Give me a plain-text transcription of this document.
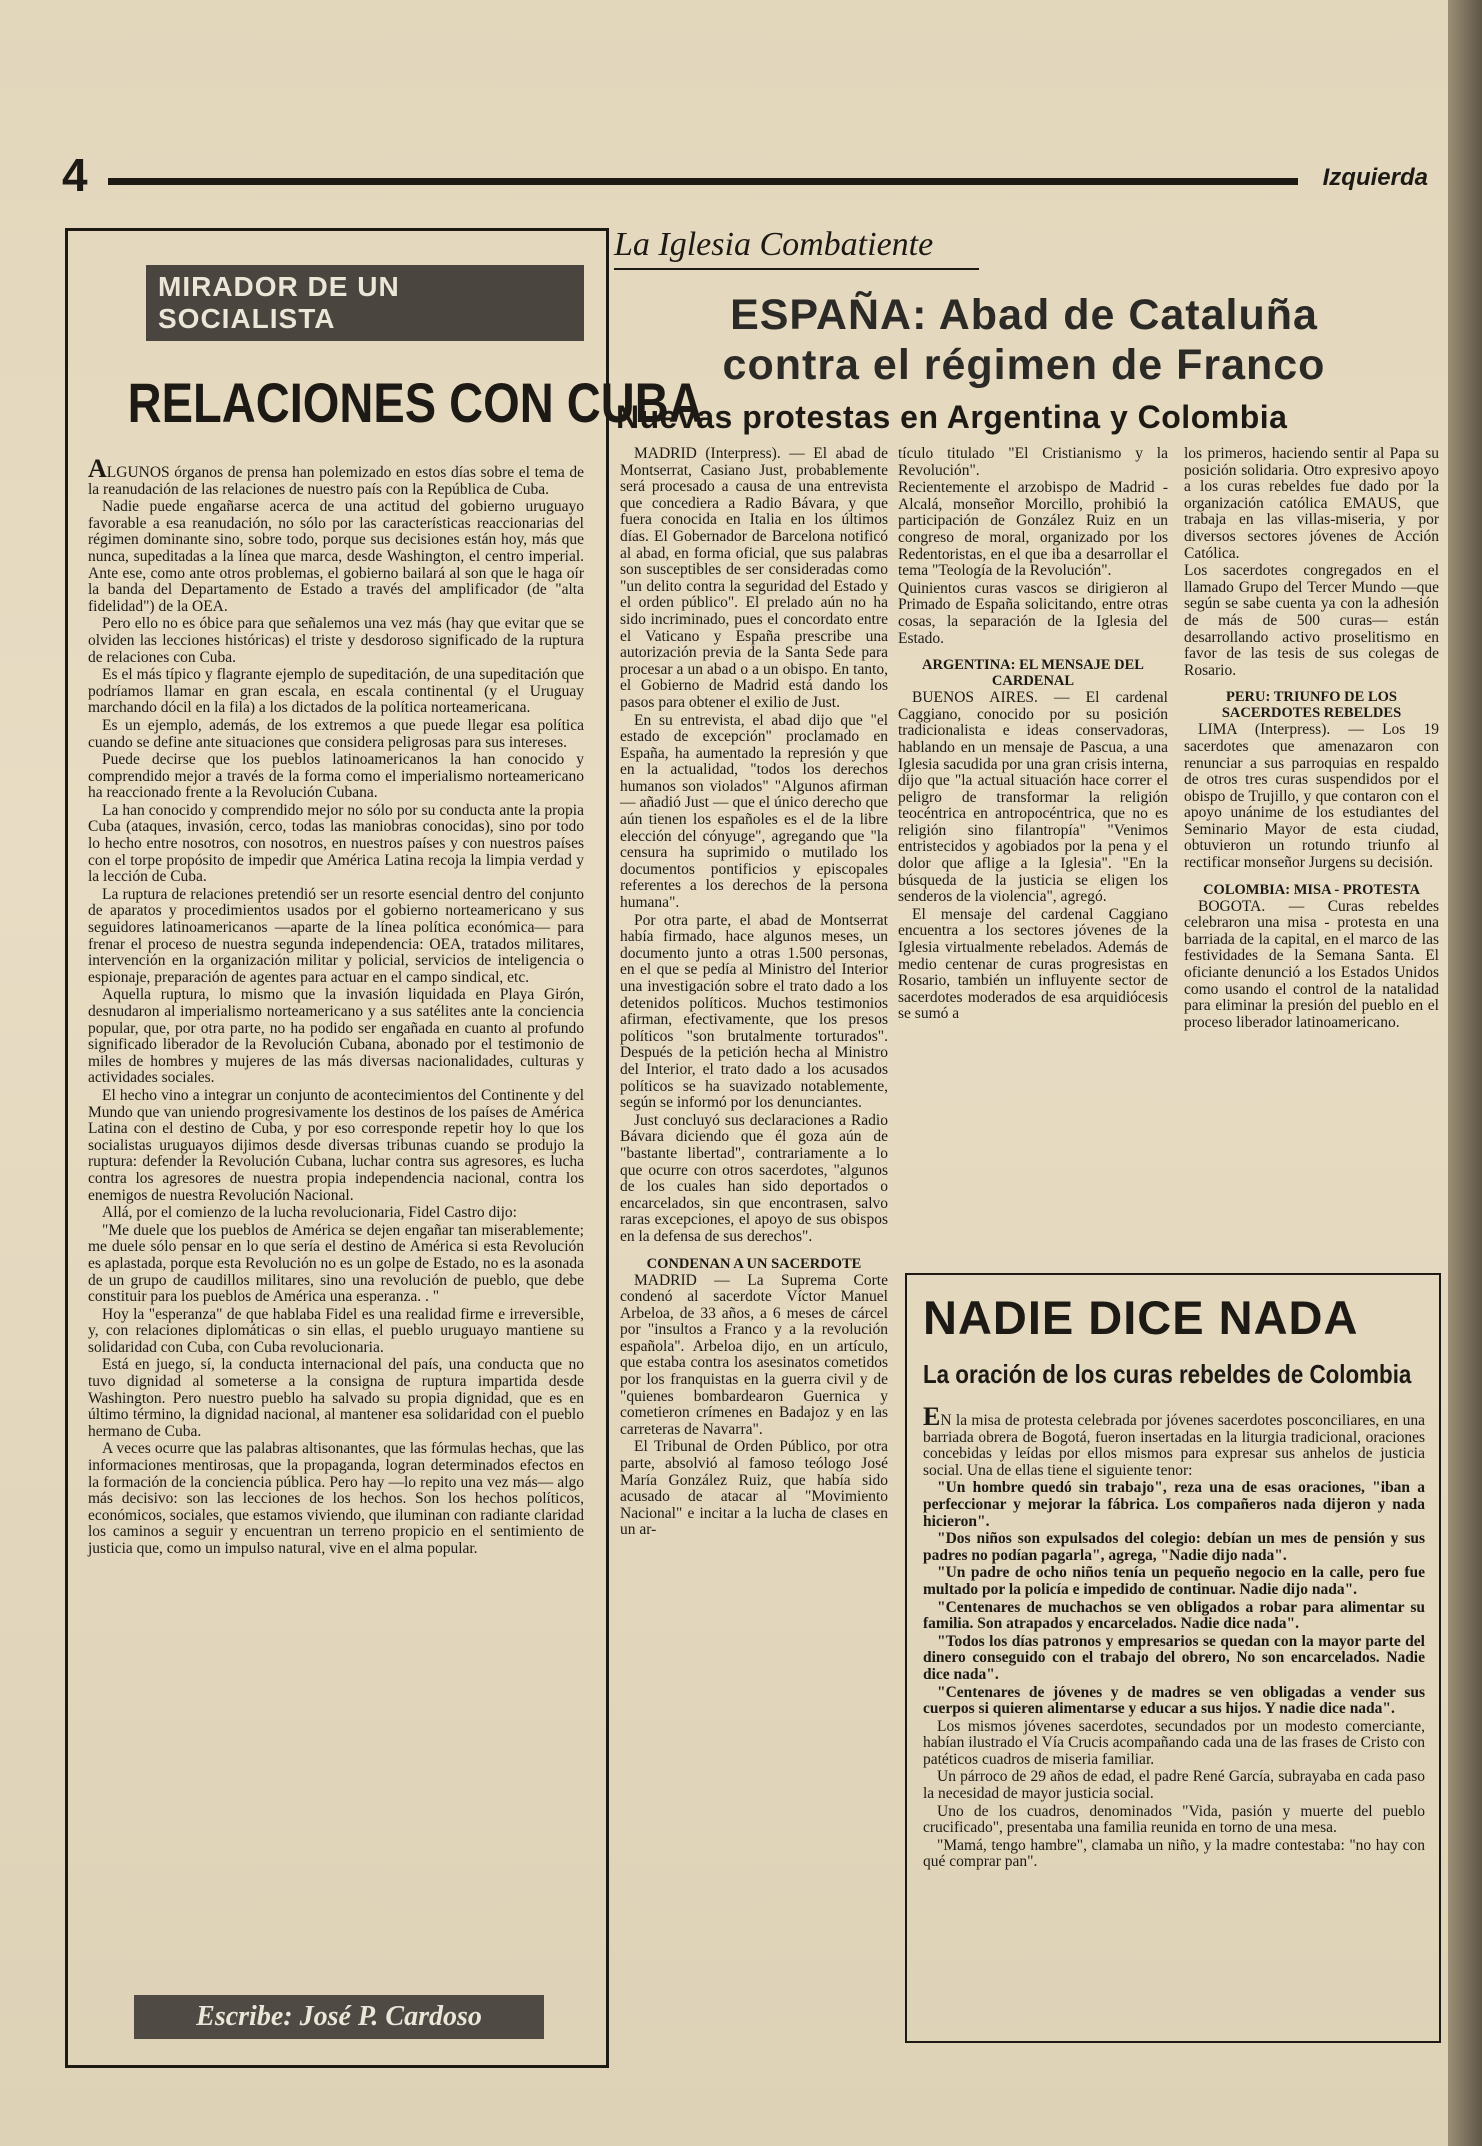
4	Izquierda
MIRADOR DE UN SOCIALISTA
RELACIONES CON CUBA

ALGUNOS órganos de prensa han polemizado en estos días sobre el tema de la reanudación de las relaciones de nuestro país con la República de Cuba.

Nadie puede engañarse acerca de una actitud del gobierno uruguayo favorable a esa reanudación, no sólo por las características reaccionarias del régimen dominante sino, sobre todo, porque sus decisiones están hoy, más que nunca, supeditadas a la línea que marca, desde Washington, el centro imperial. Ante ese, como ante otros problemas, el gobierno bailará al son que le haga oír la banda del Departamento de Estado a través del amplificador (de "alta fidelidad") de la OEA.

Pero ello no es óbice para que señalemos una vez más (hay que evitar que se olviden las lecciones históricas) el triste y desdoroso significado de la ruptura de relaciones con Cuba.

Es el más típico y flagrante ejemplo de supeditación, de una supeditación que podríamos llamar en gran escala, en escala continental (y el Uruguay marchando dócil en la fila) a los dictados de la política norteamericana.

Es un ejemplo, además, de los extremos a que puede llegar esa política cuando se define ante situaciones que considera peligrosas para sus intereses.

Puede decirse que los pueblos latinoamericanos la han conocido y comprendido mejor a través de la forma como el imperialismo norteamericano ha reaccionado frente a la Revolución Cubana.

La han conocido y comprendido mejor no sólo por su conducta ante la propia Cuba (ataques, invasión, cerco, todas las maniobras conocidas), sino por todo lo hecho entre nosotros, con nosotros, en nuestros países y con nuestros países con el torpe propósito de impedir que América Latina recoja la limpia verdad y la lección de Cuba.

La ruptura de relaciones pretendió ser un resorte esencial dentro del conjunto de aparatos y procedimientos usados por el gobierno norteamericano y sus seguidores latinoamericanos —aparte de la línea política económica— para frenar el proceso de nuestra segunda independencia: OEA, tratados militares, intervención en la organización militar y policial, servicios de inteligencia o espionaje, preparación de agentes para actuar en el campo sindical, etc.

Aquella ruptura, lo mismo que la invasión liquidada en Playa Girón, desnudaron al imperialismo norteamericano y a sus satélites ante la conciencia popular, que, por otra parte, no ha podido ser engañada en cuanto al profundo significado liberador de la Revolución Cubana, abonado por el testimonio de miles de hombres y mujeres de las más diversas nacionalidades, culturas y actividades sociales.

El hecho vino a integrar un conjunto de acontecimientos del Continente y del Mundo que van uniendo progresivamente los destinos de los países de América Latina con el destino de Cuba, y por eso corresponde repetir hoy lo que los socialistas uruguayos dijimos desde diversas tribunas cuando se produjo la ruptura: defender la Revolución Cubana, luchar contra sus agresores, es lucha contra los agresores de nuestra propia independencia nacional, contra los enemigos de nuestra Revolución Nacional.

Allá, por el comienzo de la lucha revolucionaria, Fidel Castro dijo:

"Me duele que los pueblos de América se dejen engañar tan miserablemente; me duele sólo pensar en lo que sería el destino de América si esta Revolución es aplastada, porque esta Revolución no es un golpe de Estado, no es la asonada de un grupo de caudillos militares, sino una revolución de pueblo, que debe constituir para los pueblos de América una esperanza. . "

Hoy la "esperanza" de que hablaba Fidel es una realidad firme e irreversible, y, con relaciones diplomáticas o sin ellas, el pueblo uruguayo mantiene su solidaridad con Cuba, con Cuba revolucionaria.

Está en juego, sí, la conducta internacional del país, una conducta que no tuvo dignidad al someterse a la consigna de ruptura impartida desde Washington. Pero nuestro pueblo ha salvado su propia dignidad, que es en último término, la dignidad nacional, al mantener esa solidaridad con el pueblo hermano de Cuba.

A veces ocurre que las palabras altisonantes, que las fórmulas hechas, que las informaciones mentirosas, que la propaganda, logran determinados efectos en la formación de la conciencia pública. Pero hay —lo repito una vez más— algo más decisivo: son las lecciones de los hechos. Son los hechos políticos, económicos, sociales, que estamos viviendo, que iluminan con radiante claridad los caminos a seguir y encuentran un terreno propicio en el sentimiento de justicia que, como un impulso natural, vive en el alma popular.

Escribe: José P. Cardoso
La Iglesia Combatiente
ESPAÑA: Abad de Cataluña
contra el régimen de Franco
Nuevas protestas en Argentina y Colombia

MADRID (Interpress). — El abad de Montserrat, Casiano Just, probablemente será procesado a causa de una entrevista que concediera a Radio Bávara, y que fuera conocida en Italia en los últimos días. El Gobernador de Barcelona notificó al abad, en forma oficial, que sus palabras son susceptibles de ser consideradas como "un delito contra la seguridad del Estado y el orden público". El prelado aún no ha sido incriminado, pues el concordato entre el Vaticano y España prescribe una autorización previa de la Santa Sede para procesar a un abad o a un obispo. En tanto, el Gobierno de Madrid está dando los pasos para obtener el exilio de Just.

En su entrevista, el abad dijo que "el estado de excepción" proclamado en España, ha aumentado la represión y que en la actualidad, "todos los derechos humanos son violados" "Algunos afirman — añadió Just — que el único derecho que aún tienen los españoles es el de la libre elección del cónyuge", agregando que "la censura ha suprimido o mutilado los documentos pontificios y episcopales referentes a los derechos de la persona humana".

Por otra parte, el abad de Montserrat había firmado, hace algunos meses, un documento junto a otras 1.500 personas, en el que se pedía al Ministro del Interior una investigación sobre el trato dado a los detenidos políticos. Muchos testimonios afirman, efectivamente, que los presos políticos "son brutalmente torturados". Después de la petición hecha al Ministro del Interior, el trato dado a los acusados políticos se ha suavizado notablemente, según se informó por los denunciantes.

Just concluyó sus declaraciones a Radio Bávara diciendo que él goza aún de "bastante libertad", contrariamente a lo que ocurre con otros sacerdotes, "algunos de los cuales han sido deportados o encarcelados, sin que encontrasen, salvo raras excepciones, el apoyo de sus obispos en la defensa de sus derechos".

CONDENAN A UN SACERDOTE

MADRID — La Suprema Corte condenó al sacerdote Víctor Manuel Arbeloa, de 33 años, a 6 meses de cárcel por "insultos a Franco y a la revolución española". Arbeloa dijo, en un artículo, que estaba contra los asesinatos cometidos por los franquistas en la guerra civil y de "quienes bombardearon Guernica y cometieron crímenes en Badajoz y en las carreteras de Navarra".

El Tribunal de Orden Público, por otra parte, absolvió al famoso teólogo José María González Ruiz, que había sido acusado de atacar al "Movimiento Nacional" e incitar a la lucha de clases en un ar-

tículo titulado "El Cristianismo y la Revolución".

Recientemente el arzobispo de Madrid - Alcalá, monseñor Morcillo, prohibió la participación de González Ruiz en un congreso de moral, organizado por los Redentoristas, en el que iba a desarrollar el tema "Teología de la Revolución".

Quinientos curas vascos se dirigieron al Primado de España solicitando, entre otras cosas, la separación de la Iglesia del Estado.

ARGENTINA: EL MENSAJE DEL CARDENAL

BUENOS AIRES. — El cardenal Caggiano, conocido por su posición tradicionalista e ideas conservadoras, hablando en un mensaje de Pascua, a una Iglesia sacudida por una gran crisis interna, dijo que "la actual situación hace correr el peligro de transformar la religión teocéntrica en antropocéntrica, que no es religión sino filantropía" "Venimos entristecidos y agobiados por la pena y el dolor que aflige a la Iglesia". "En la búsqueda de la justicia se eligen los senderos de la violencia", agregó.

El mensaje del cardenal Caggiano encuentra a los sectores jóvenes de la Iglesia virtualmente rebelados. Además de medio centenar de curas progresistas en Rosario, también un influyente sector de sacerdotes moderados de esa arquidiócesis se sumó a

los primeros, haciendo sentir al Papa su posición solidaria. Otro expresivo apoyo a los curas rebeldes fue dado por la organización católica EMAUS, que trabaja en las villas-miseria, y por diversos sectores jóvenes de Acción Católica.

Los sacerdotes congregados en el llamado Grupo del Tercer Mundo —que según se sabe cuenta ya con la adhesión de más de 500 curas— están desarrollando activo proselitismo en favor de las tesis de sus colegas de Rosario.

PERU: TRIUNFO DE LOS SACERDOTES REBELDES

LIMA (Interpress). — Los 19 sacerdotes que amenazaron con renunciar a sus parroquias en respaldo de otros tres curas suspendidos por el obispo de Trujillo, y que contaron con el apoyo unánime de los estudiantes del Seminario Mayor de esta ciudad, obtuvieron un rotundo triunfo al rectificar monseñor Jurgens su decisión.

COLOMBIA: MISA - PROTESTA

BOGOTA. — Curas rebeldes celebraron una misa - protesta en una barriada de la capital, en el marco de las festividades de la Semana Santa. El oficiante denunció a los Estados Unidos como usando el control de la natalidad para eliminar la presión del pueblo en el proceso liberador latinoamericano.

NADIE DICE NADA
La oración de los curas rebeldes de Colombia

EN la misa de protesta celebrada por jóvenes sacerdotes posconciliares, en una barriada obrera de Bogotá, fueron insertadas en la liturgia tradicional, oraciones concebidas y leídas por ellos mismos para expresar sus anhelos de justicia social. Una de ellas tiene el siguiente tenor:

"Un hombre quedó sin trabajo", reza una de esas oraciones, "iban a perfeccionar y mejorar la fábrica. Los compañeros nada dijeron y nada hicieron".

"Dos niños son expulsados del colegio: debían un mes de pensión y sus padres no podían pagarla", agrega, "Nadie dijo nada".

"Un padre de ocho niños tenía un pequeño negocio en la calle, pero fue multado por la policía e impedido de continuar. Nadie dijo nada".

"Centenares de muchachos se ven obligados a robar para alimentar su familia. Son atrapados y encarcelados. Nadie dice nada".

"Todos los días patronos y empresarios se quedan con la mayor parte del dinero conseguido con el trabajo del obrero, No son encarcelados. Nadie dice nada".

"Centenares de jóvenes y de madres se ven obligadas a vender sus cuerpos si quieren alimentarse y educar a sus hijos. Y nadie dice nada".

Los mismos jóvenes sacerdotes, secundados por un modesto comerciante, habían ilustrado el Vía Crucis acompañando cada una de las frases de Cristo con patéticos cuadros de miseria familiar.

Un párroco de 29 años de edad, el padre René García, subrayaba en cada paso la necesidad de mayor justicia social.

Uno de los cuadros, denominados "Vida, pasión y muerte del pueblo crucificado", presentaba una familia reunida en torno de una mesa.

"Mamá, tengo hambre", clamaba un niño, y la madre contestaba: "no hay con qué comprar pan".
